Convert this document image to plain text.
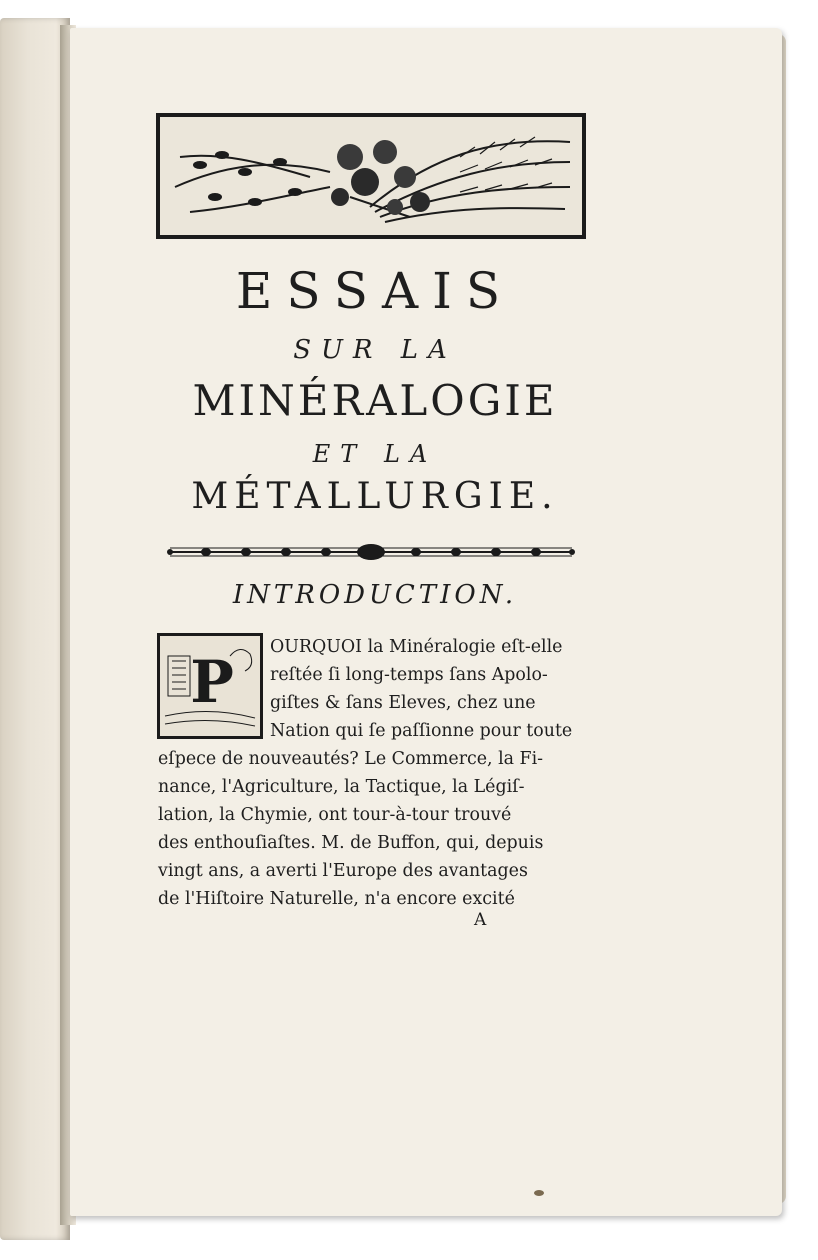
ESSAIS
SUR LA
MINÉRALOGIE
ET LA
MÉTALLURGIE.
INTRODUCTION.
P
OURQUOI la Minéralogie eſt-elle
reſtée ſi long-temps ſans Apolo-
giſtes & ſans Eleves, chez une
Nation qui ſe paſſionne pour toute
eſpece de nouveautés? Le Commerce, la Fi-
nance, l'Agriculture, la Tactique, la Légiſ-
lation, la Chymie, ont tour-à-tour trouvé
des enthouſiaſtes. M. de Buffon, qui, depuis
vingt ans, a averti l'Europe des avantages
de l'Hiſtoire Naturelle, n'a encore excité
A
